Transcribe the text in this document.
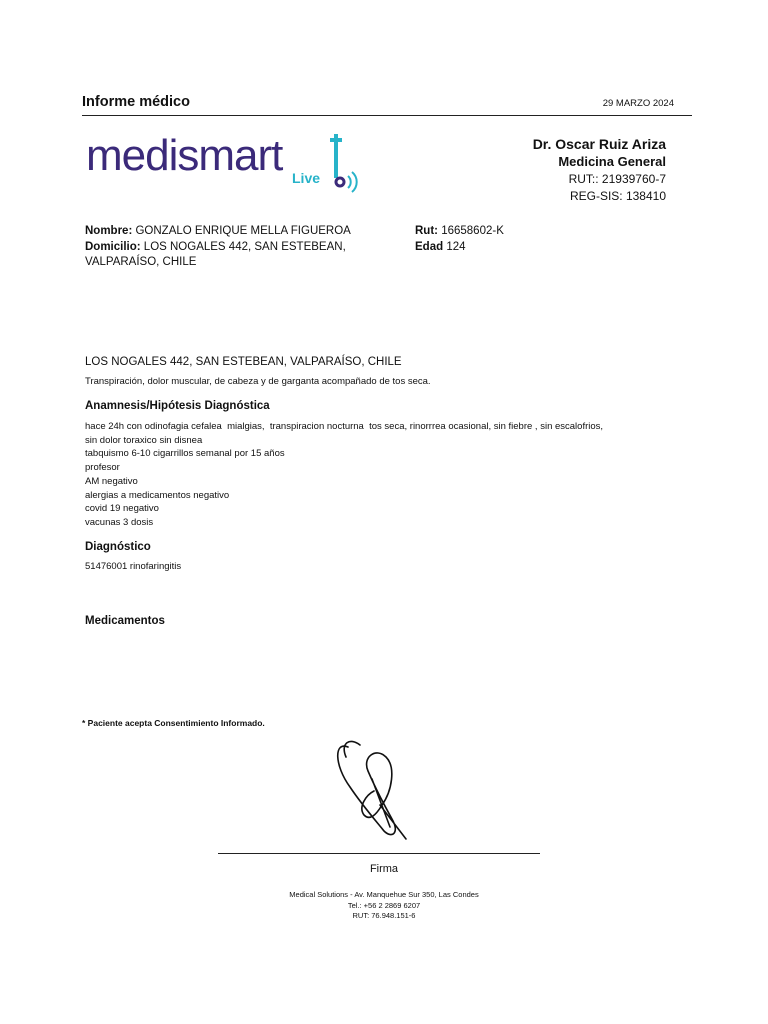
Informe médico	29 MARZO 2024
medismart Live
Dr. Oscar Ruiz Ariza
Medicina General
RUT:: 21939760-7
REG-SIS: 138410
Nombre: GONZALO ENRIQUE MELLA FIGUEROA
Domicilio: LOS NOGALES 442, SAN ESTEBEAN, VALPARAÍSO, CHILE
Rut: 16658602-K
Edad 124
LOS NOGALES 442, SAN ESTEBEAN, VALPARAÍSO, CHILE
Transpiración, dolor muscular, de cabeza y de garganta acompañado de tos seca.
Anamnesis/Hipótesis Diagnóstica
hace 24h con odinofagia cefalea  mialgias,  transpiracion nocturna  tos seca, rinorrrea ocasional, sin fiebre , sin escalofrios, sin dolor toraxico sin disnea
tabquismo 6-10 cigarrillos semanal por 15 años
profesor
AM negativo
alergias a medicamentos negativo
covid 19 negativo
vacunas 3 dosis
Diagnóstico
51476001 rinofaringitis
Medicamentos
* Paciente acepta Consentimiento Informado.
Firma
Medical Solutions - Av. Manquehue Sur 350, Las Condes
Tel.: +56 2 2869 6207
RUT: 76.948.151-6
